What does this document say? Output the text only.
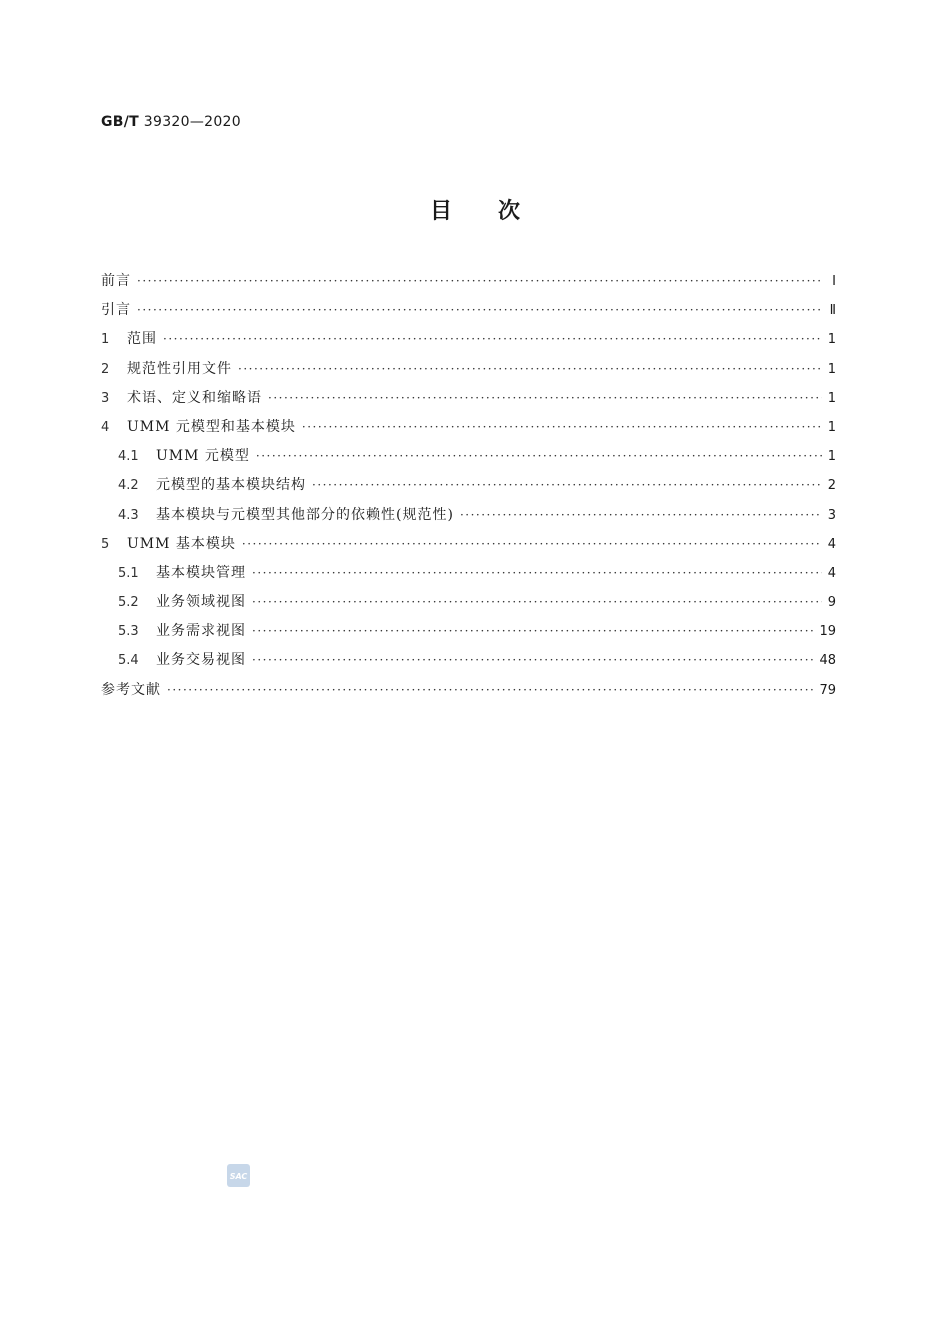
GB/T 39320—2020
目次
前言 ·····	Ⅰ
引言 ·····	Ⅱ
1	范围 ·····	1
2	规范性引用文件 ·····	1
3	术语、定义和缩略语 ·····	1
4	UMM 元模型和基本模块 ·····	1
4.1	UMM 元模型 ·····	1
4.2	元模型的基本模块结构 ·····	2
4.3	基本模块与元模型其他部分的依赖性(规范性) ·····	3
5	UMM 基本模块 ·····	4
5.1	基本模块管理 ·····	4
5.2	业务领域视图 ·····	9
5.3	业务需求视图 ·····	19
5.4	业务交易视图 ·····	48
参考文献 ·····	79
SAC
